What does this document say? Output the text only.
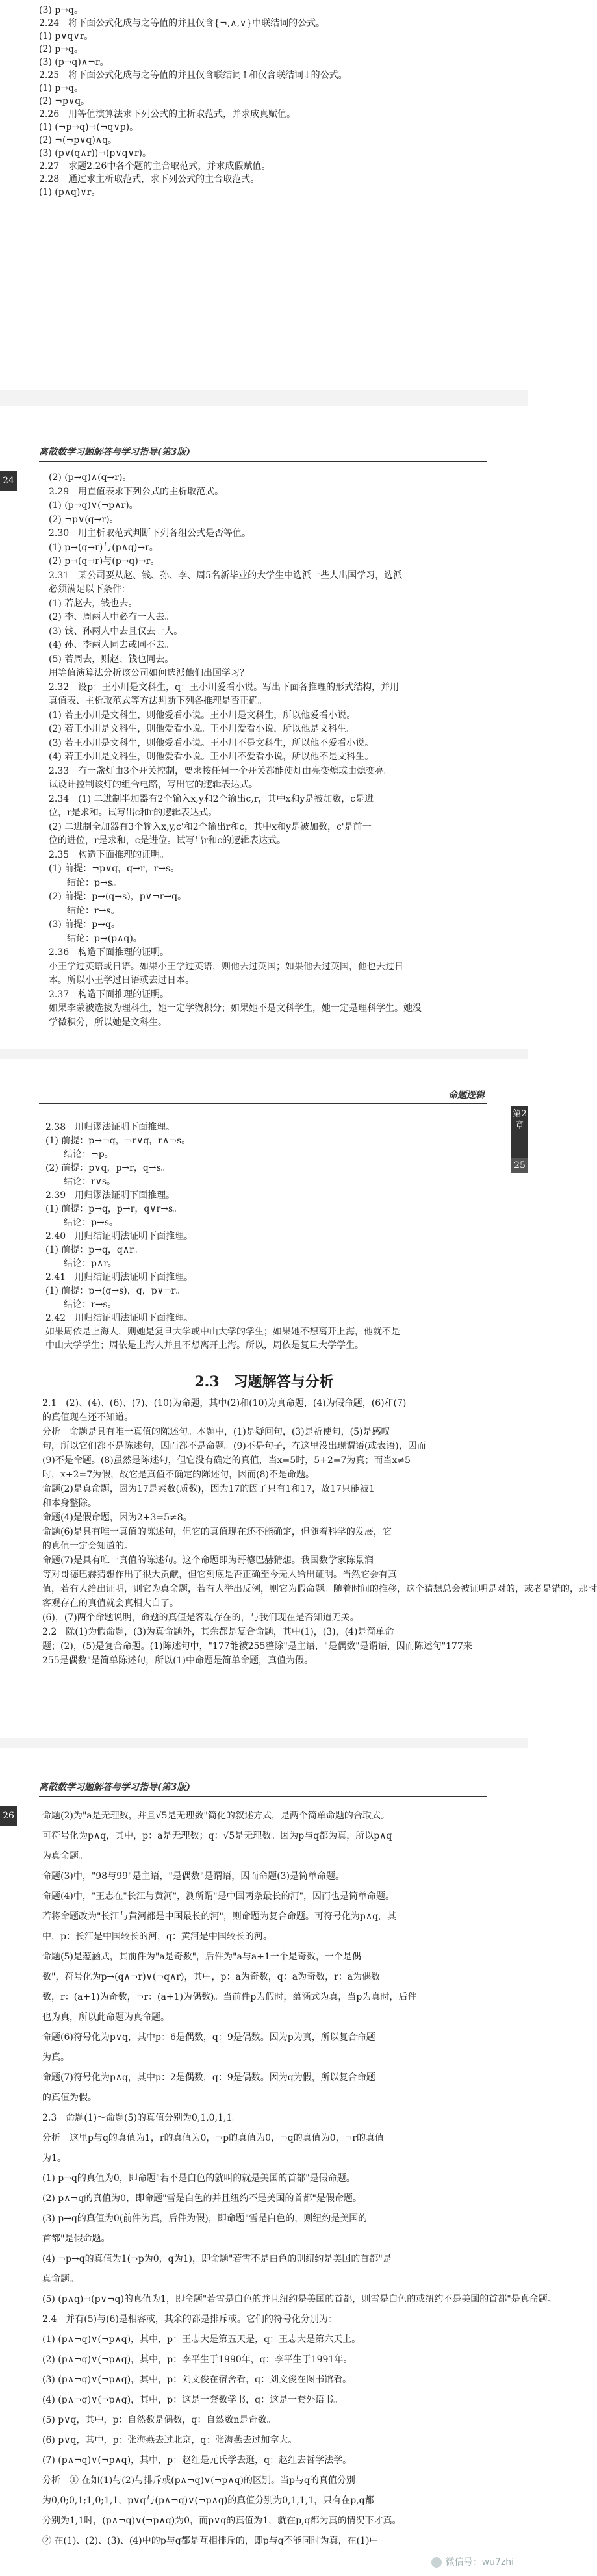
(3) p→q。
2.24　将下面公式化成与之等值的并且仅含{¬,∧,∨}中联结词的公式。
(1) p∨q∨r。
(2) p→q。
(3) (p→q)∧¬r。
2.25　将下面公式化成与之等值的并且仅含联结词↑和仅含联结词↓的公式。
(1) p→q。
(2) ¬p∨q。
2.26　用等值演算法求下列公式的主析取范式，并求成真赋值。
(1) (¬p→q)→(¬q∨p)。
(2) ¬(¬p∨q)∧q。
(3) (p∨(q∧r))→(p∨q∨r)。
2.27　求题2.26中各个题的主合取范式，并求成假赋值。
2.28　通过求主析取范式，求下列公式的主合取范式。
(1) (p∧q)∨r。
离散数学习题解答与学习指导(第3版)
24	(2) (p→q)∧(q→r)。
2.29　用直值表求下列公式的主析取范式。
(1) (p→q)∨(¬p∧r)。
(2) ¬p∨(q→r)。
2.30　用主析取范式判断下列各组公式是否等值。
(1) p→(q→r)与(p∧q)→r。
(2) p→(q→r)与(p→q)→r。
2.31　某公司要从赵、钱、孙、李、周5名新毕业的大学生中选派一些人出国学习，选派
必须满足以下条件：
(1) 若赵去，钱也去。
(2) 李、周两人中必有一人去。
(3) 钱、孙两人中去且仅去一人。
(4) 孙、李两人同去或同不去。
(5) 若周去，则赵、钱也同去。
用等值演算法分析该公司如何选派他们出国学习？
2.32　设p：王小川是文科生，q：王小川爱看小说。写出下面各推理的形式结构，并用
真值表、主析取范式等方法判断下列各推理是否正确。
(1) 若王小川是文科生，则他爱看小说。王小川是文科生，所以他爱看小说。
(2) 若王小川是文科生，则他爱看小说。王小川爱看小说，所以他是文科生。
(3) 若王小川是文科生，则他爱看小说。王小川不是文科生，所以他不爱看小说。
(4) 若王小川是文科生，则他爱看小说。王小川不爱看小说，所以他不是文科生。
2.33　有一盏灯由3个开关控制，要求按任何一个开关都能使灯由亮变熄或由熄变亮。
试设计控制该灯的组合电路，写出它的逻辑表达式。
2.34　(1) 二进制半加器有2个输入x,y和2个输出c,r，其中x和y是被加数，c是进
位，r是求和。试写出c和r的逻辑表达式。
(2) 二进制全加器有3个输入x,y,c'和2个输出r和c，其中x和y是被加数，c'是前一
位的进位，r是求和，c是进位。试写出r和c的逻辑表达式。
2.35　构造下面推理的证明。
(1) 前提：¬p∨q，q→r，r→s。
　　结论：p→s。
(2) 前提：p→(q→s)，p∨¬r→q。
　　结论：r→s。
(3) 前提：p→q。
　　结论：p→(p∧q)。
2.36　构造下面推理的证明。
小王学过英语或日语。如果小王学过英语，则他去过英国；如果他去过英国，他也去过日
本。所以小王学过日语或去过日本。
2.37　构造下面推理的证明。
如果李蒙被选拔为理科生，她一定学微积分；如果她不是文科学生，她一定是理科学生。她没
学微积分，所以她是文科生。
命题逻辑
第2章
25
2.38　用归谬法证明下面推理。
(1) 前提：p→¬q，¬r∨q，r∧¬s。
　　结论：¬p。
(2) 前提：p∨q，p→r，q→s。
　　结论：r∨s。
2.39　用归谬法证明下面推理。
(1) 前提：p→q，p→r，q∨r→s。
　　结论：p→s。
2.40　用归结证明法证明下面推理。
(1) 前提：p→q，q∧r。
　　结论：p∧r。
2.41　用归结证明法证明下面推理。
(1) 前提：p→(q→s)，q，p∨¬r。
　　结论：r→s。
2.42　用归结证明法证明下面推理。
如果周依是上海人，则她是复旦大学或中山大学的学生；如果她不想离开上海，他就不是
中山大学学生；周依是上海人并且不想离开上海。所以，周依是复旦大学学生。
2.3　习题解答与分析
2.1　(2)、(4)、(6)、(7)、(10)为命题，其中(2)和(10)为真命题，(4)为假命题，(6)和(7)
的真值现在还不知道。
分析　命题是具有唯一真值的陈述句。本题中，(1)是疑问句，(3)是祈使句，(5)是感叹
句，所以它们都不是陈述句，因而都不是命题。(9)不是句子，在这里没出现谓语(或表语)，因而
(9)不是命题。(8)虽然是陈述句，但它没有确定的真值，当x=5时，5+2=7为真；而当x≠5
时，x+2=7为假，故它是真值不确定的陈述句，因而(8)不是命题。
命题(2)是真命题，因为17是素数(质数)，因为17的因子只有1和17，故17只能被1
和本身整除。
命题(4)是假命题，因为2+3=5≠8。
命题(6)是具有唯一真值的陈述句，但它的真值现在还不能确定，但随着科学的发展，它
的真值一定会知道的。
命题(7)是具有唯一真值的陈述句。这个命题即为哥德巴赫猜想。我国数学家陈景润
等对哥德巴赫猜想作出了很大贡献，但它到底是否正确至今无人给出证明。当然它会有真
值，若有人给出证明，则它为真命题，若有人举出反例，则它为假命题。随着时间的推移，这个猜想总会被证明是对的，或者是错的，那时
客观存在的真值就会真相大白了。
(6)，(7)两个命题说明，命题的真值是客观存在的，与我们现在是否知道无关。
2.2　除(1)为假命题，(3)为真命题外，其余都是复合命题，其中(1)，(3)，(4)是简单命
题；(2)，(5)是复合命题。(1)陈述句中，"177能被255整除"是主语，"是偶数"是谓语，因而陈述句"177来
255是偶数"是简单陈述句，所以(1)中命题是简单命题，真值为假。
离散数学习题解答与学习指导(第3版)
26	命题(2)为"a是无理数，并且√5是无理数"简化的叙述方式，是两个简单命题的合取式。
可符号化为p∧q，其中，p：a是无理数；q：√5是无理数。因为p与q都为真，所以p∧q
为真命题。
命题(3)中，"98与99"是主语，"是偶数"是谓语，因而命题(3)是简单命题。
命题(4)中，"王志在"长江与黄河"，测所谓"是中国两条最长的河"，因而也是简单命题。
若将命题改为"长江与黄河都是中国最长的河"，则命题为复合命题。可符号化为p∧q，其
中，p：长江是中国较长的河，q：黄河是中国较长的河。
命题(5)是蕴涵式，其前件为"a是奇数"，后件为"a与a+1一个是奇数，一个是偶
数"，符号化为p→(q∧¬r)∨(¬q∧r)，其中，p：a为奇数，q：a为奇数，r：a为偶数
数，r：(a+1)为奇数，¬r：(a+1)为偶数)。当前件p为假时，蕴涵式为真，当p为真时，后件
也为真，所以此命题为真命题。
命题(6)符号化为p∨q，其中p：6是偶数，q：9是偶数。因为p为真，所以复合命题
为真。
命题(7)符号化为p∧q，其中p：2是偶数，q：9是偶数。因为q为假，所以复合命题
的真值为假。
2.3　命题(1)～命题(5)的真值分别为0,1,0,1,1。
分析　这里p与q的真值为1，r的真值为0，¬p的真值为0，¬q的真值为0，¬r的真值
为1。
(1) p→q的真值为0，即命题"若不是白色的就叫的就是美国的首都"是假命题。
(2) p∧¬q的真值为0，即命题"雪是白色的并且纽约不是美国的首都"是假命题。
(3) p→q的真值为0(前件为真，后件为假)，即命题"雪是白色的，则纽约是美国的
首都"是假命题。
(4) ¬p→q的真值为1(¬p为0，q为1)，即命题"若雪不是白色的则纽约是美国的首都"是
真命题。
(5) (p∧q)→(p∨¬q)的真值为1，即命题"若雪是白色的并且纽约是美国的首都，则雪是白色的或纽约不是美国的首都"是真命题。
2.4　并有(5)与(6)是相容或，其余的都是排斥或。它们的符号化分别为：
(1) (p∧¬q)∨(¬p∧q)，其中，p：王志大是第五天是，q：王志大是第六天上。
(2) (p∧¬q)∨(¬p∧q)，其中，p：李平生于1990年，q：李平生于1991年。
(3) (p∧¬q)∨(¬p∧q)，其中，p：刘文俊在宿舍看，q：刘文俊在图书馆看。
(4) (p∧¬q)∨(¬p∧q)，其中，p：这是一套数学书，q：这是一套外语书。
(5) p∨q，其中，p：自然数是偶数，q：自然数n是奇数。
(6) p∨q，其中，p：张海燕去过北京，q：张海燕去过加拿大。
(7) (p∧¬q)∨(¬p∧q)，其中，p：赵红是元氏学去逛，q：赵红去哲学法学。
分析　① 在如(1)与(2)与排斥或(p∧¬q)∨(¬p∧q)的区别。当p与q的真值分别
为0,0;0,1;1,0;1,1，p∨q与(p∧¬q)∨(¬p∧q)的真值分别为0,1,1,1，只有在p,q都
分别为1,1时，(p∧¬q)∨(¬p∧q)为0，而p∨q的真值为1，就在p,q都为真的情况下才真。
② 在(1)、(2)、(3)、(4)中的p与q都是互相排斥的，即p与q不能同时为真，在(1)中
微信号：wu7zhi
